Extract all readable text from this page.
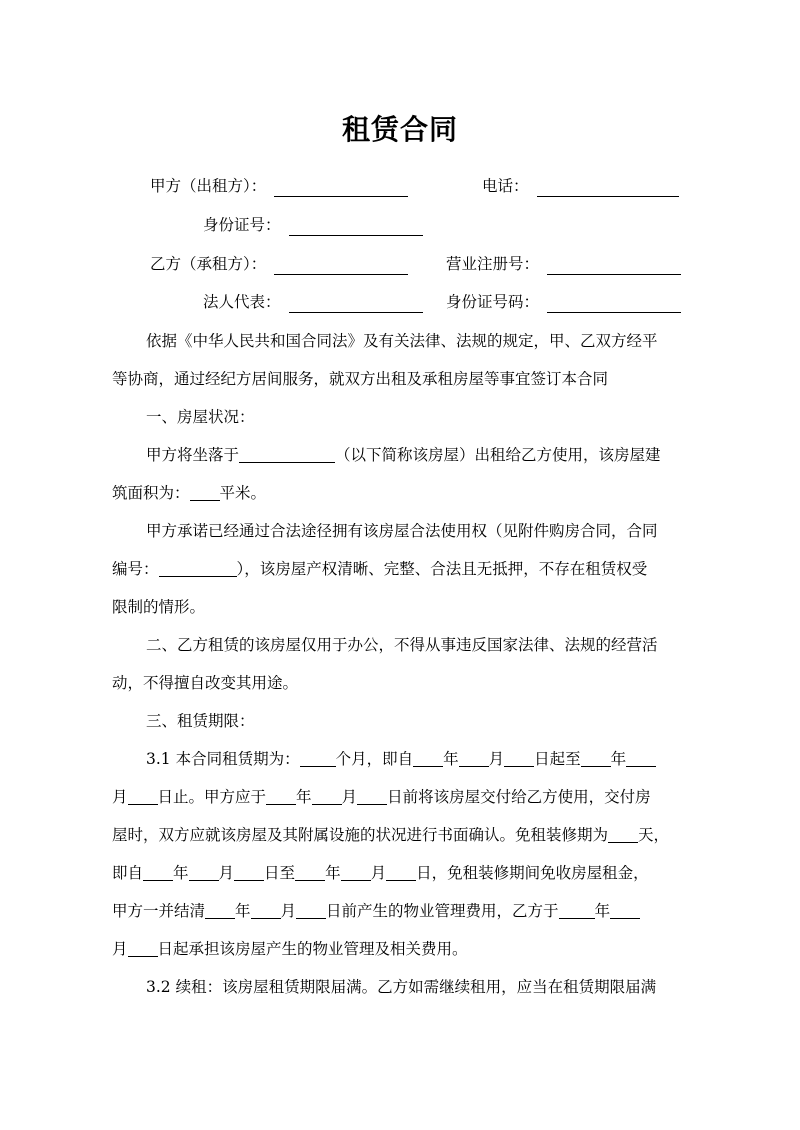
租赁合同
甲方（出租方）：	电话：
身份证号：
乙方（承租方）：	营业注册号：
法人代表：	身份证号码：
依据《中华人民共和国合同法》及有关法律、法规的规定，甲、乙双方经平
等协商，通过经纪方居间服务，就双方出租及承租房屋等事宜签订本合同
一、房屋状况：
甲方将坐落于	（以下简称该房屋）出租给乙方使用，该房屋建
筑面积为： 平米。
甲方承诺已经通过合法途径拥有该房屋合法使用权（见附件购房合同，合同
编号：	），该房屋产权清晰、完整、合法且无抵押，不存在租赁权受
限制的情形。
二、乙方租赁的该房屋仅用于办公，不得从事违反国家法律、法规的经营活
动，不得擅自改变其用途。
三、租赁期限：
3.1 本合同租赁期为： 个月，即自 年 月 日起至 年
月 日止。甲方应于 年 月 日前将该房屋交付给乙方使用，交付房
屋时，双方应就该房屋及其附属设施的状况进行书面确认。免租装修期为 天，
即自 年 月 日至 年 月 日，免租装修期间免收房屋租金，
甲方一并结清 年 月 日前产生的物业管理费用，乙方于 年
月 日起承担该房屋产生的物业管理及相关费用。
3.2 续租：该房屋租赁期限届满。乙方如需继续租用，应当在租赁期限届满
